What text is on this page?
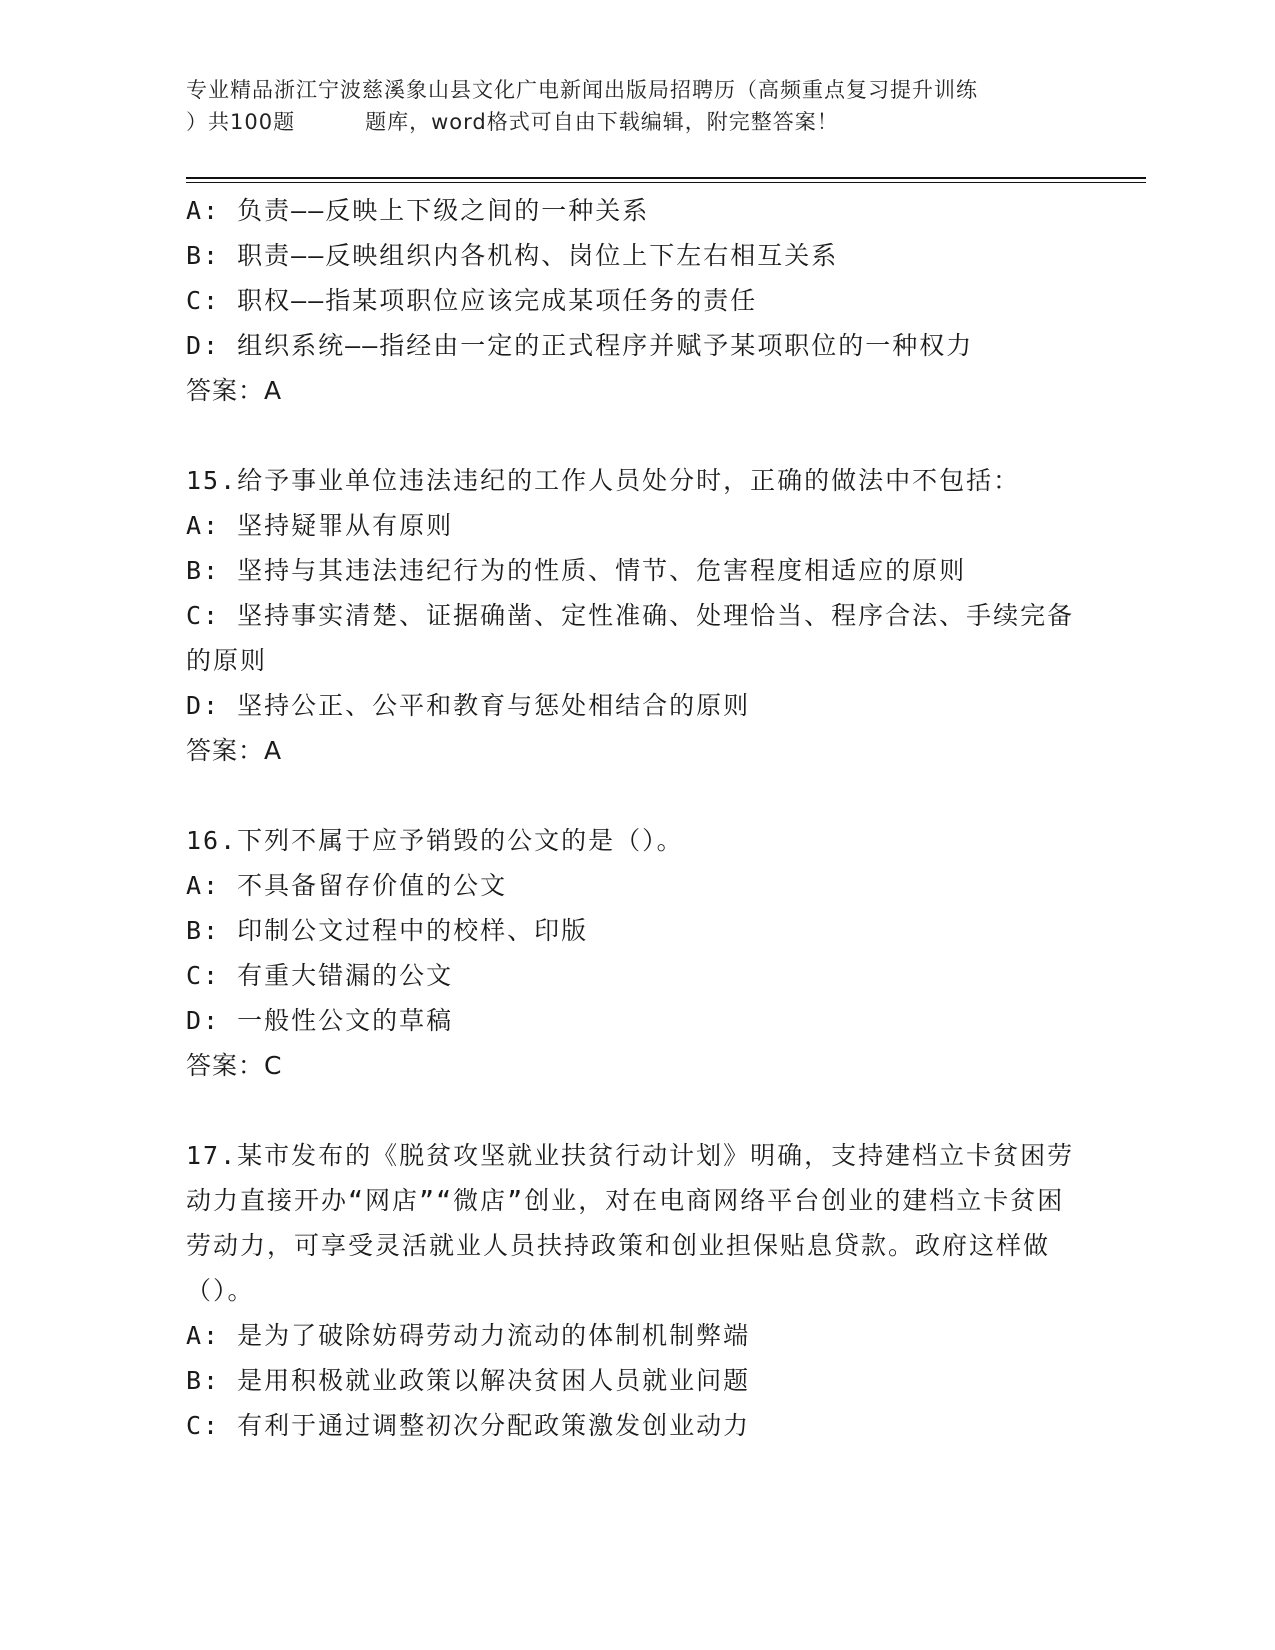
专业精品浙江宁波慈溪象山县文化广电新闻出版局招聘历（高频重点复习提升训练
）共100题	题库，word格式可自由下载编辑，附完整答案！
A: 负责——反映上下级之间的一种关系
B: 职责——反映组织内各机构、岗位上下左右相互关系
C: 职权——指某项职位应该完成某项任务的责任
D: 组织系统——指经由一定的正式程序并赋予某项职位的一种权力
答案：A
15.给予事业单位违法违纪的工作人员处分时，正确的做法中不包括：
A: 坚持疑罪从有原则
B: 坚持与其违法违纪行为的性质、情节、危害程度相适应的原则
C: 坚持事实清楚、证据确凿、定性准确、处理恰当、程序合法、手续完备的原则
D: 坚持公正、公平和教育与惩处相结合的原则
答案：A
16.下列不属于应予销毁的公文的是（）。
A: 不具备留存价值的公文
B: 印制公文过程中的校样、印版
C: 有重大错漏的公文
D: 一般性公文的草稿
答案：C
17.某市发布的《脱贫攻坚就业扶贫行动计划》明确，支持建档立卡贫困劳动力直接开办“网店”“微店”创业，对在电商网络平台创业的建档立卡贫困劳动力，可享受灵活就业人员扶持政策和创业担保贴息贷款。政府这样做（）。
A: 是为了破除妨碍劳动力流动的体制机制弊端
B: 是用积极就业政策以解决贫困人员就业问题
C: 有利于通过调整初次分配政策激发创业动力
